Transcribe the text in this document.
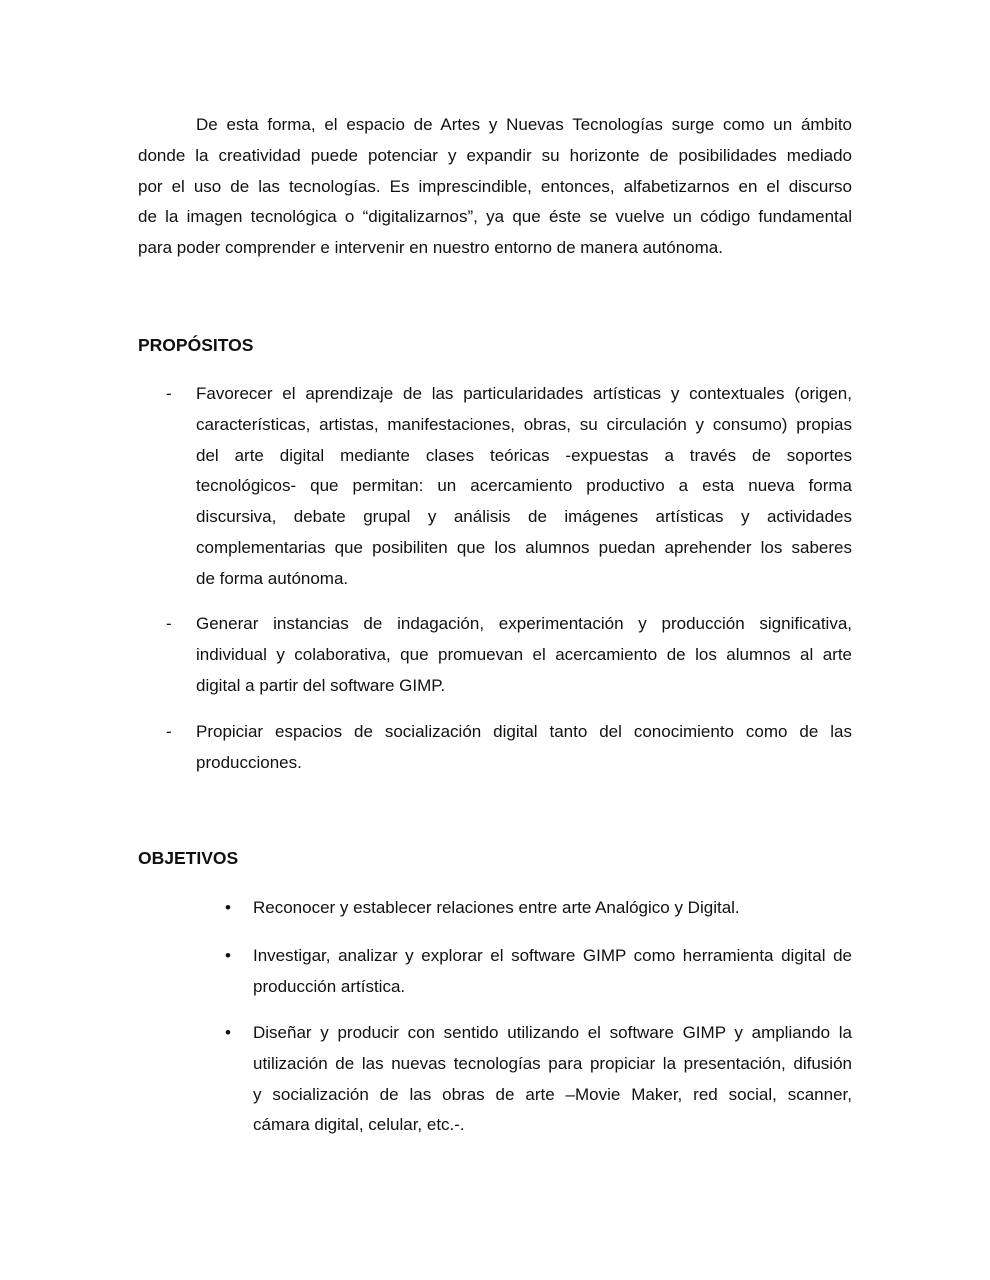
De esta forma, el espacio de Artes y Nuevas Tecnologías surge como un ámbito
donde la creatividad puede potenciar y expandir su horizonte de posibilidades mediado
por el uso de las tecnologías. Es imprescindible, entonces, alfabetizarnos en el discurso
de la imagen tecnológica o “digitalizarnos”, ya que éste se vuelve un código fundamental
para poder comprender e intervenir en nuestro entorno de manera autónoma.
PROPÓSITOS
- Favorecer el aprendizaje de las particularidades artísticas y contextuales (origen,
características, artistas, manifestaciones, obras, su circulación y consumo) propias
del arte digital mediante clases teóricas -expuestas a través de soportes
tecnológicos- que permitan: un acercamiento productivo a esta nueva forma
discursiva, debate grupal y análisis de imágenes artísticas y actividades
complementarias que posibiliten que los alumnos puedan aprehender los saberes
de forma autónoma.
- Generar instancias de indagación, experimentación y producción significativa,
individual y colaborativa, que promuevan el acercamiento de los alumnos al arte
digital a partir del software GIMP.
- Propiciar espacios de socialización digital tanto del conocimiento como de las
producciones.
OBJETIVOS
• Reconocer y establecer relaciones entre arte Analógico y Digital.
• Investigar, analizar y explorar el software GIMP como herramienta digital de
producción artística.
• Diseñar y producir con sentido utilizando el software GIMP y ampliando la
utilización de las nuevas tecnologías para propiciar la presentación, difusión
y socialización de las obras de arte –Movie Maker, red social, scanner,
cámara digital, celular, etc.-.
